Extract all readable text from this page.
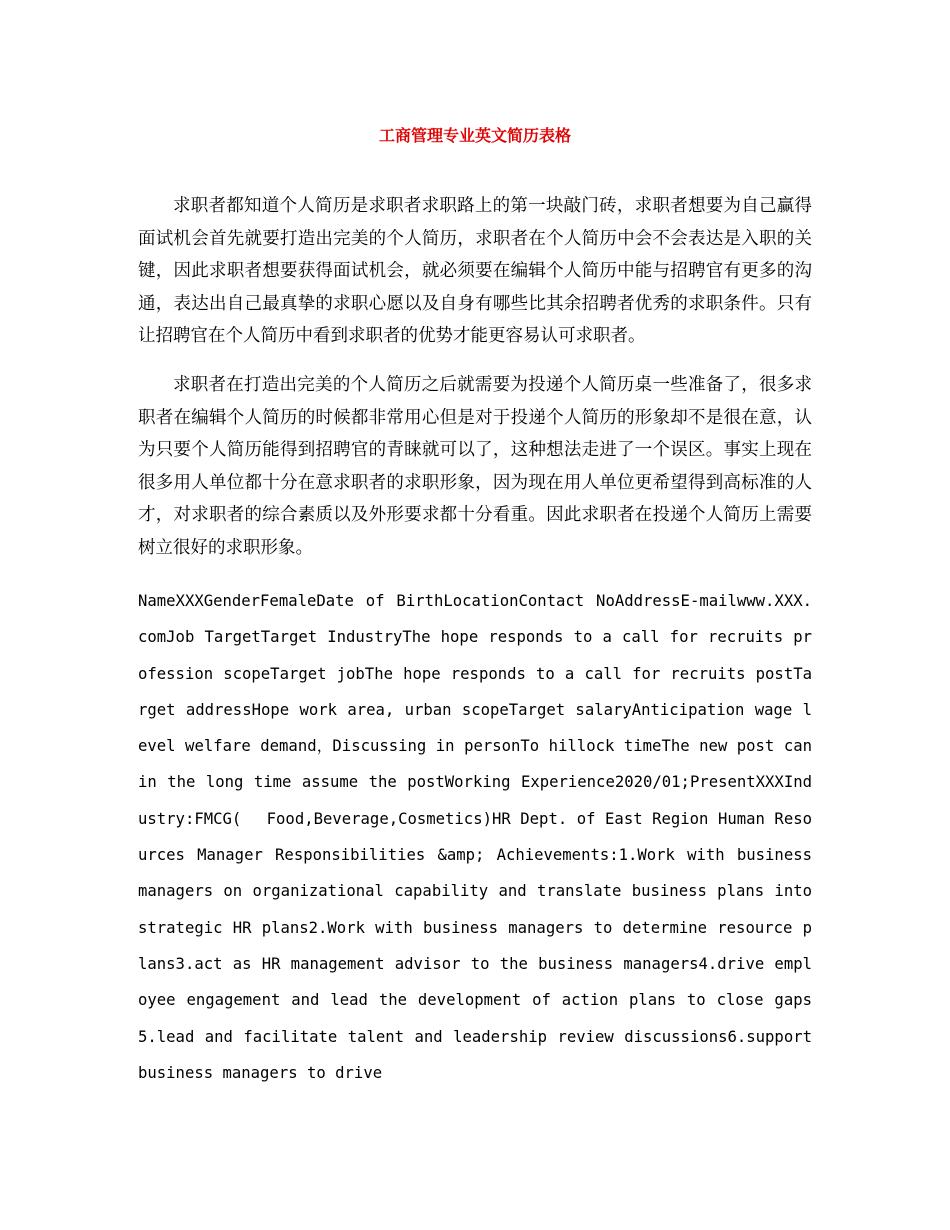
工商管理专业英文简历表格

求职者都知道个人简历是求职者求职路上的第一块敲门砖，求职者想要为自己赢得面试机会首先就要打造出完美的个人简历，求职者在个人简历中会不会表达是入职的关键，因此求职者想要获得面试机会，就必须要在编辑个人简历中能与招聘官有更多的沟通，表达出自己最真挚的求职心愿以及自身有哪些比其余招聘者优秀的求职条件。只有让招聘官在个人简历中看到求职者的优势才能更容易认可求职者。

求职者在打造出完美的个人简历之后就需要为投递个人简历桌一些准备了，很多求职者在编辑个人简历的时候都非常用心但是对于投递个人简历的形象却不是很在意，认为只要个人简历能得到招聘官的青睐就可以了，这种想法走进了一个误区。事实上现在很多用人单位都十分在意求职者的求职形象，因为现在用人单位更希望得到高标准的人才，对求职者的综合素质以及外形要求都十分看重。因此求职者在投递个人简历上需要树立很好的求职形象。

NameXXXGenderFemaleDate of BirthLocationContact NoAddressE-mailwww.XXX.comJob TargetTarget IndustryThe hope responds to a call for recruits profession scopeTarget jobThe hope responds to a call for recruits postTarget addressHope work area, urban scopeTarget salaryAnticipation wage level welfare demand，Discussing in personTo hillock timeThe new post can in the long time assume the postWorking Experience2020/01;PresentXXXIndustry:FMCG(　 Food,Beverage,Cosmetics)HR Dept. of East Region Human Resources Manager Responsibilities &amp; Achievements:1.Work with business managers on organizational capability and translate business plans into strategic HR plans2.Work with business managers to determine resource plans3.act as HR management advisor to the business managers4.drive employee engagement and lead the development of action plans to close gaps5.lead and facilitate talent and leadership review discussions6.support business managers to drive
